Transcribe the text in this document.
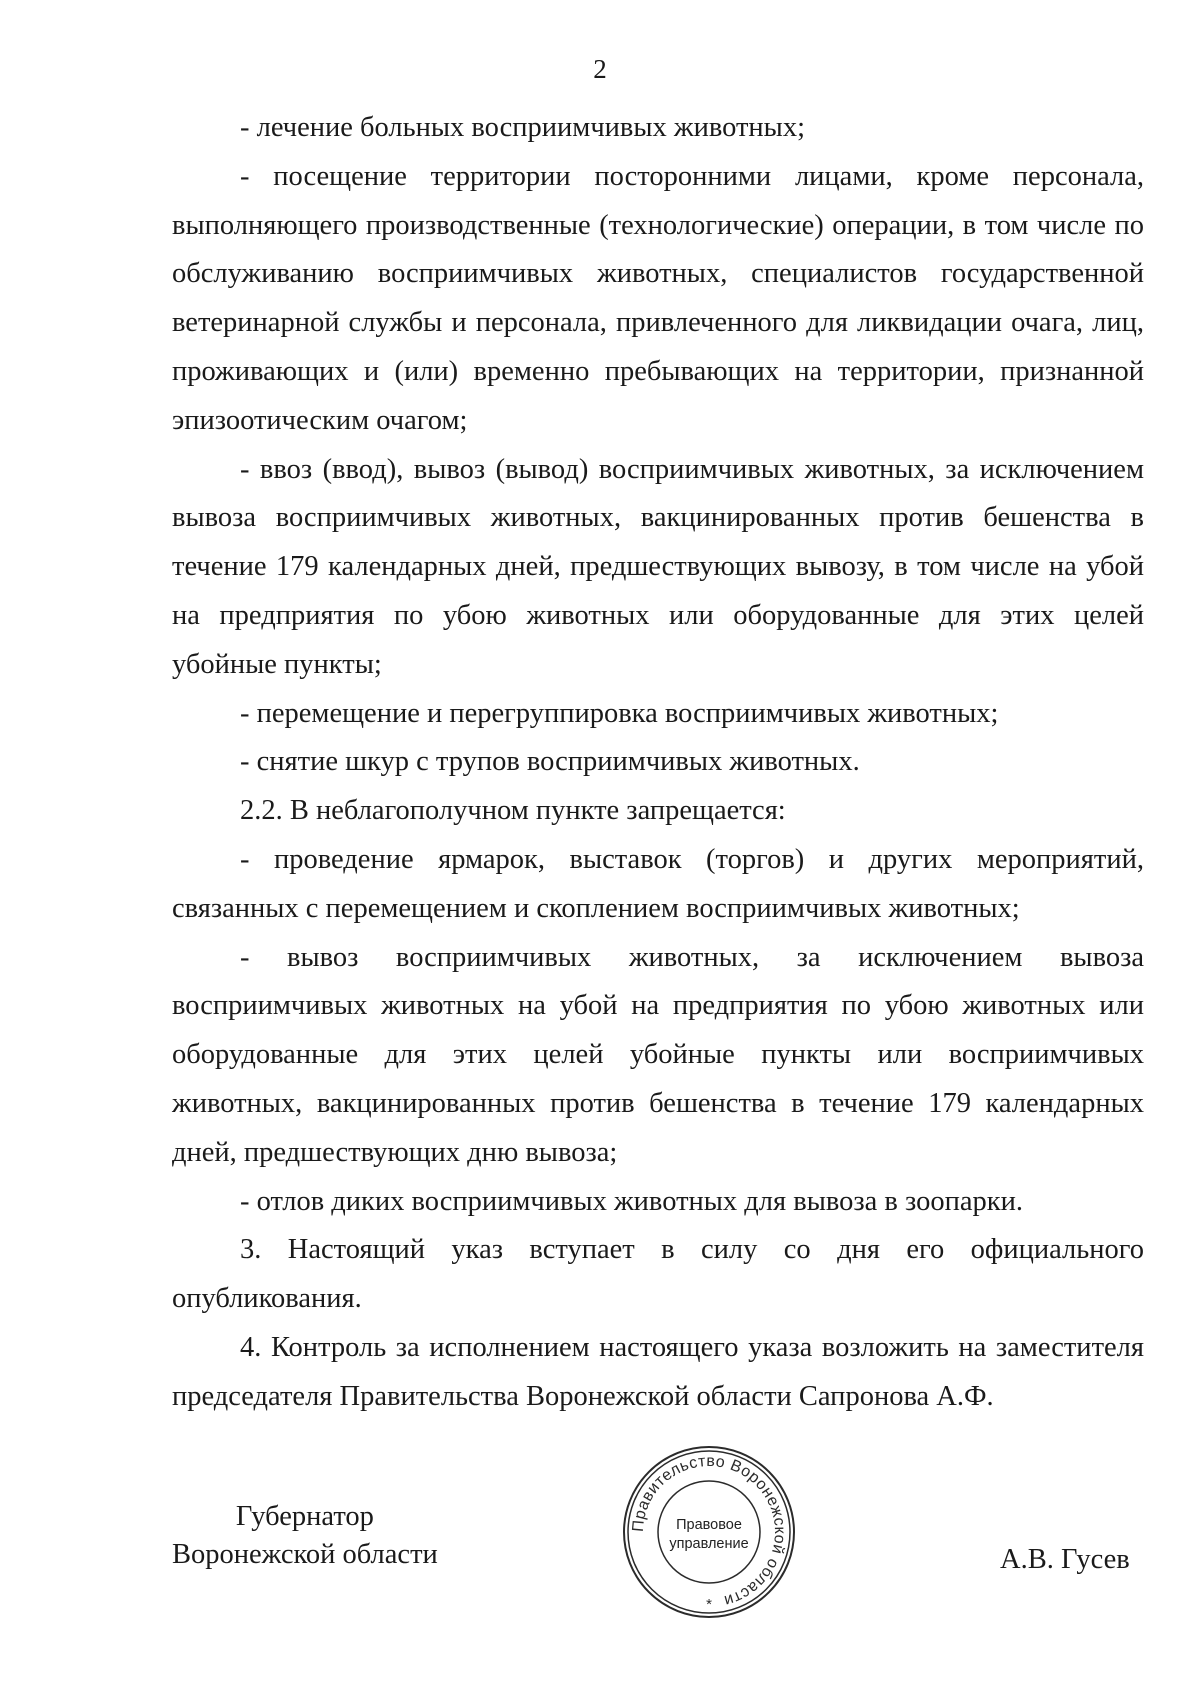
2

- лечение больных восприимчивых животных;

- посещение территории посторонними лицами, кроме персонала, выполняющего производственные (технологические) операции, в том числе по обслуживанию восприимчивых животных, специалистов государственной ветеринарной службы и персонала, привлеченного для ликвидации очага, лиц, проживающих и (или) временно пребывающих на территории, признанной эпизоотическим очагом;

- ввоз (ввод), вывоз (вывод) восприимчивых животных, за исключением вывоза восприимчивых животных, вакцинированных против бешенства в течение 179 календарных дней, предшествующих вывозу, в том числе на убой на предприятия по убою животных или оборудованные для этих целей убойные пункты;

- перемещение и перегруппировка восприимчивых животных;

- снятие шкур с трупов восприимчивых животных.

2.2. В неблагополучном пункте запрещается:

- проведение ярмарок, выставок (торгов) и других мероприятий, связанных с перемещением и скоплением восприимчивых животных;

- вывоз восприимчивых животных, за исключением вывоза восприимчивых животных на убой на предприятия по убою животных или оборудованные для этих целей убойные пункты или восприимчивых животных, вакцинированных против бешенства в течение 179 календарных дней, предшествующих дню вывоза;

- отлов диких восприимчивых животных для вывоза в зоопарки.

3. Настоящий указ вступает в силу со дня его официального опубликования.

4. Контроль за исполнением настоящего указа возложить на заместителя председателя Правительства Воронежской области Сапронова А.Ф.

Губернатор
Воронежской области
Правительство Воронежской области
*
Правовое
управление	А.В. Гусев
